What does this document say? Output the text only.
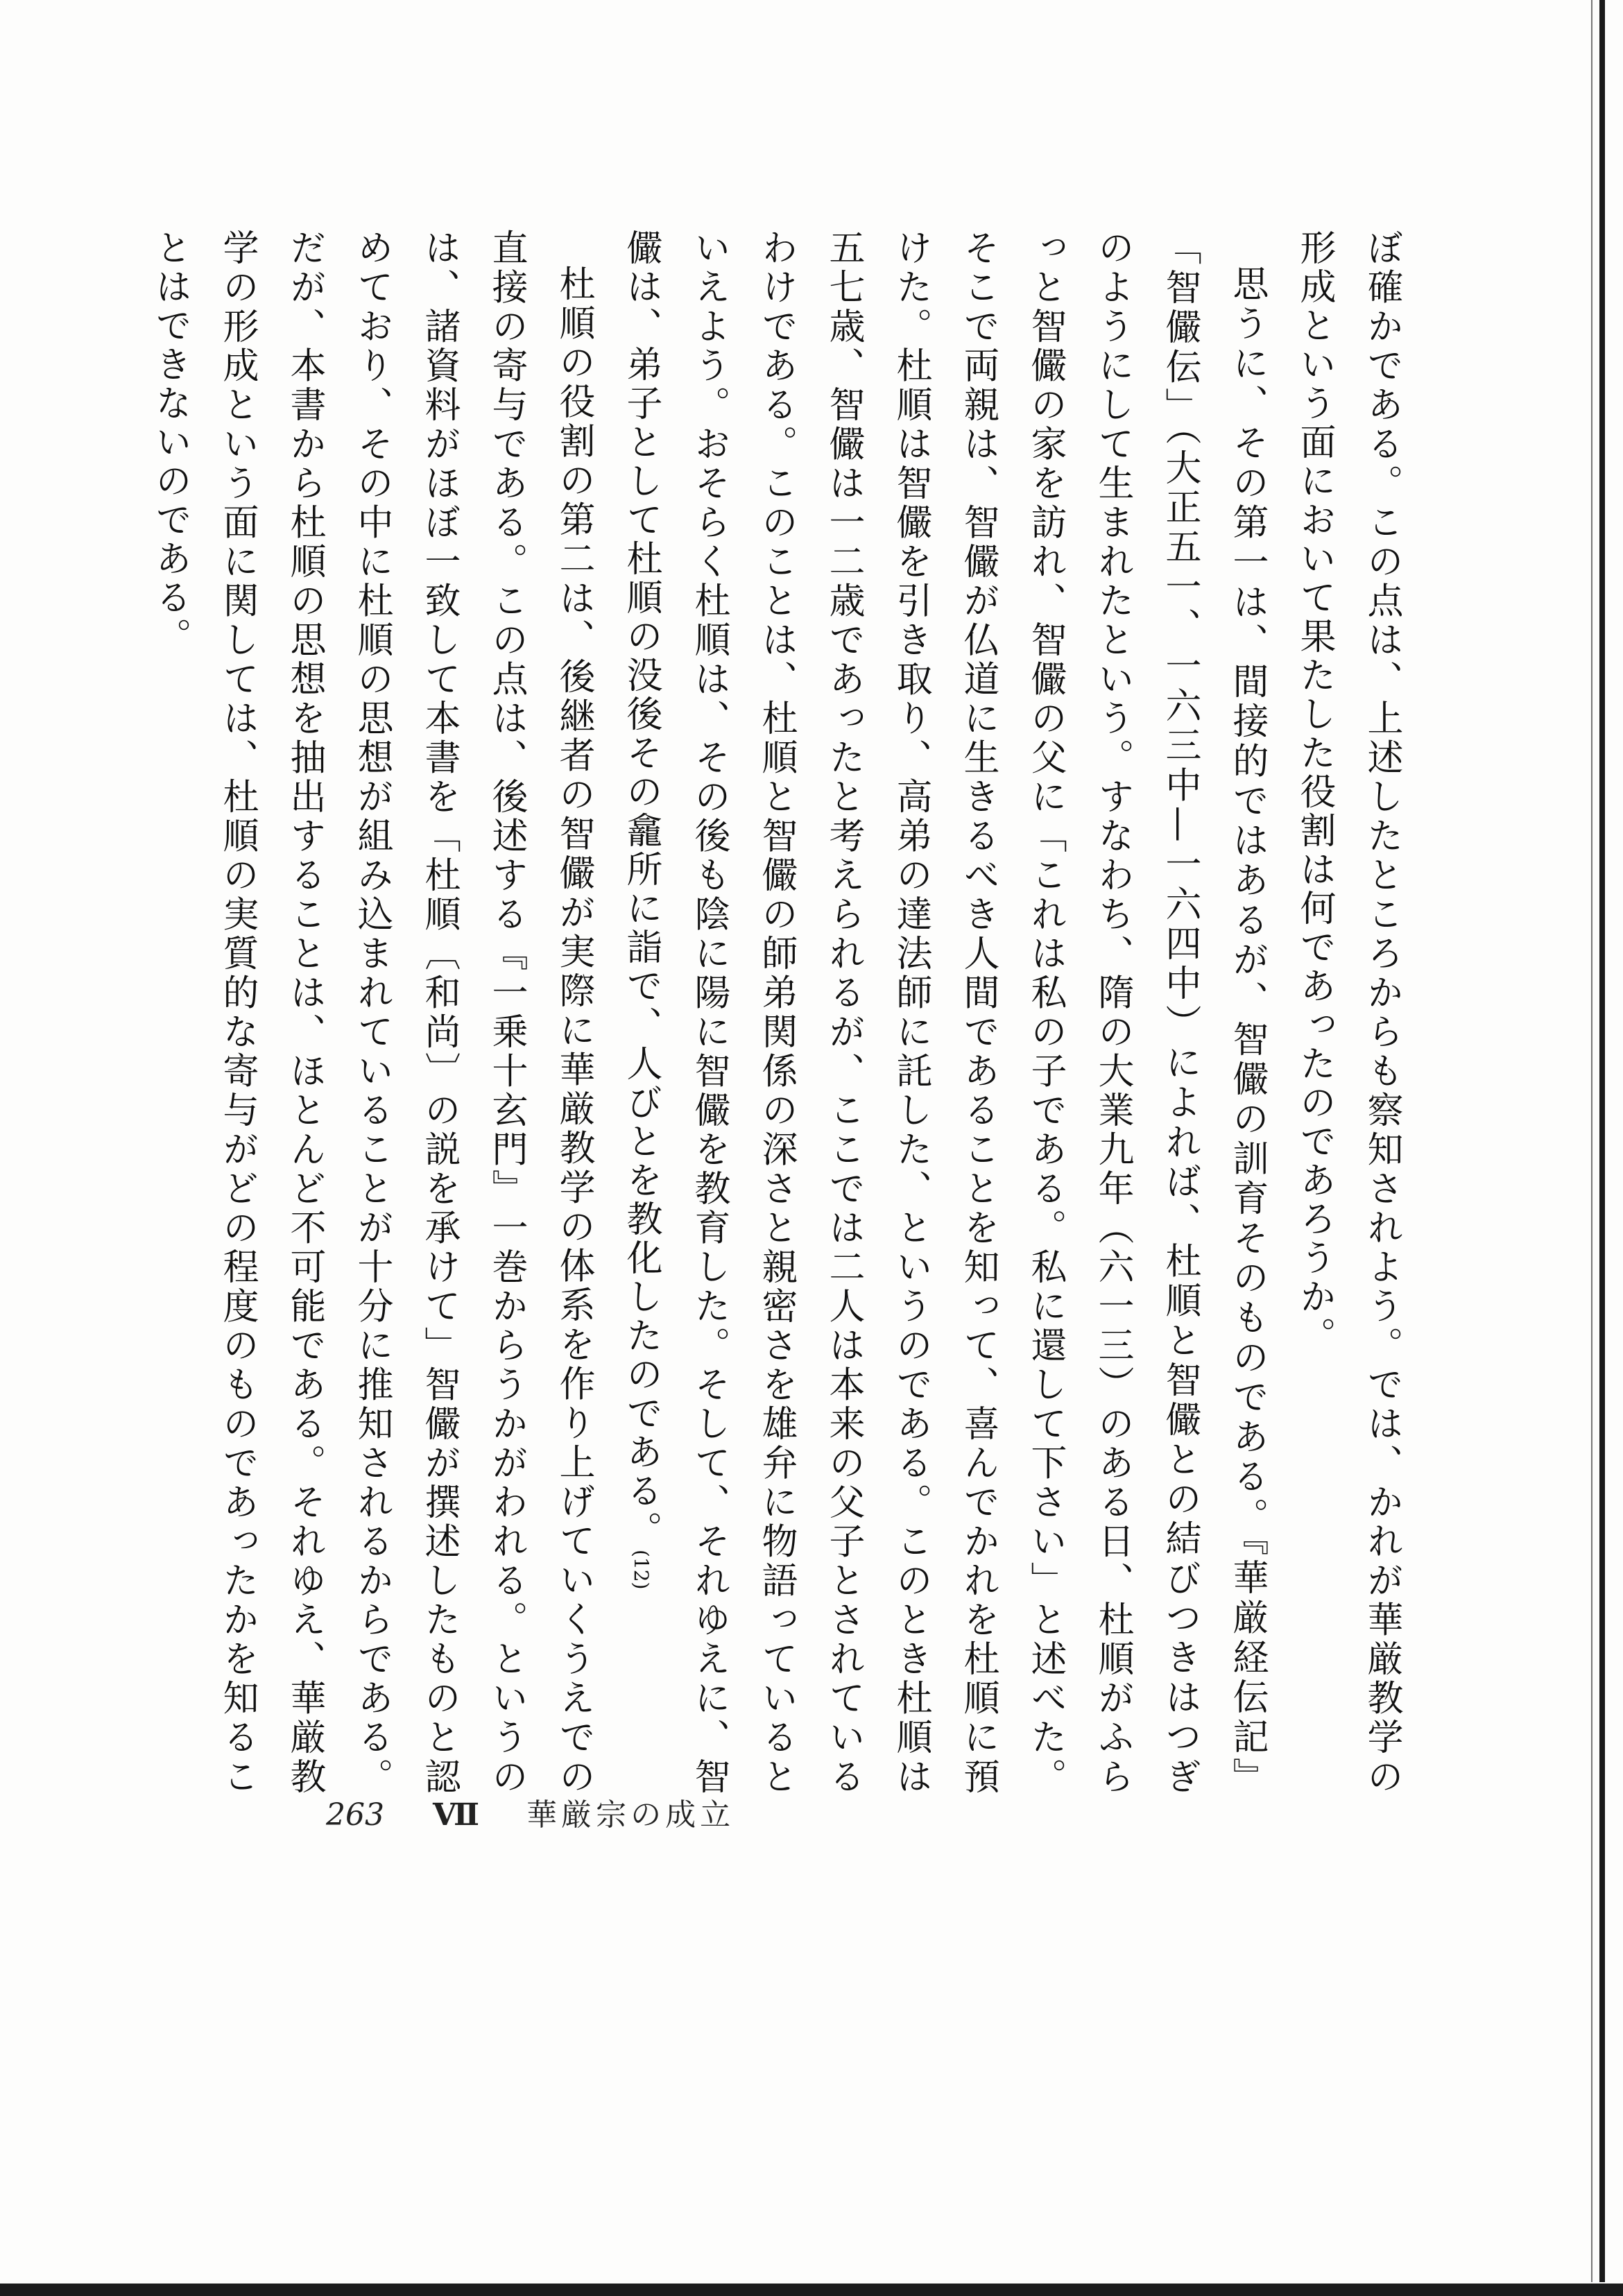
ぼ確かである。この点は、上述したところからも察知されよう。では、かれが華厳教学の形成という面において果たした役割は何であったのであろうか。

思うに、その第一は、間接的ではあるが、智儼の訓育そのものである。『華厳経伝記』「智儼伝」（大正五一、一六三中—一六四中）によれば、杜順と智儼との結びつきはつぎのようにして生まれたという。すなわち、隋の大業九年（六一三）のある日、杜順がふらっと智儼の家を訪れ、智儼の父に「これは私の子である。私に還して下さい」と述べた。そこで両親は、智儼が仏道に生きるべき人間であることを知って、喜んでかれを杜順に預けた。杜順は智儼を引き取り、高弟の達法師に託した、というのである。このとき杜順は五七歳、智儼は一二歳であったと考えられるが、ここでは二人は本来の父子とされているわけである。このことは、杜順と智儼の師弟関係の深さと親密さを雄弁に物語っているといえよう。おそらく杜順は、その後も陰に陽に智儼を教育した。そして、それゆえに、智儼は、弟子として杜順の没後その龕所に詣で、人びとを教化したのである。(12)

杜順の役割の第二は、後継者の智儼が実際に華厳教学の体系を作り上げていくうえでの直接の寄与である。この点は、後述する『一乗十玄門』一巻からうかがわれる。というのは、諸資料がほぼ一致して本書を「杜順〔和尚〕の説を承けて」智儼が撰述したものと認めており、その中に杜順の思想が組み込まれていることが十分に推知されるからである。だが、本書から杜順の思想を抽出することは、ほとんど不可能である。それゆえ、華厳教学の形成という面に関しては、杜順の実質的な寄与がどの程度のものであったかを知ることはできないのである。

263 Ⅶ 華厳宗の成立
